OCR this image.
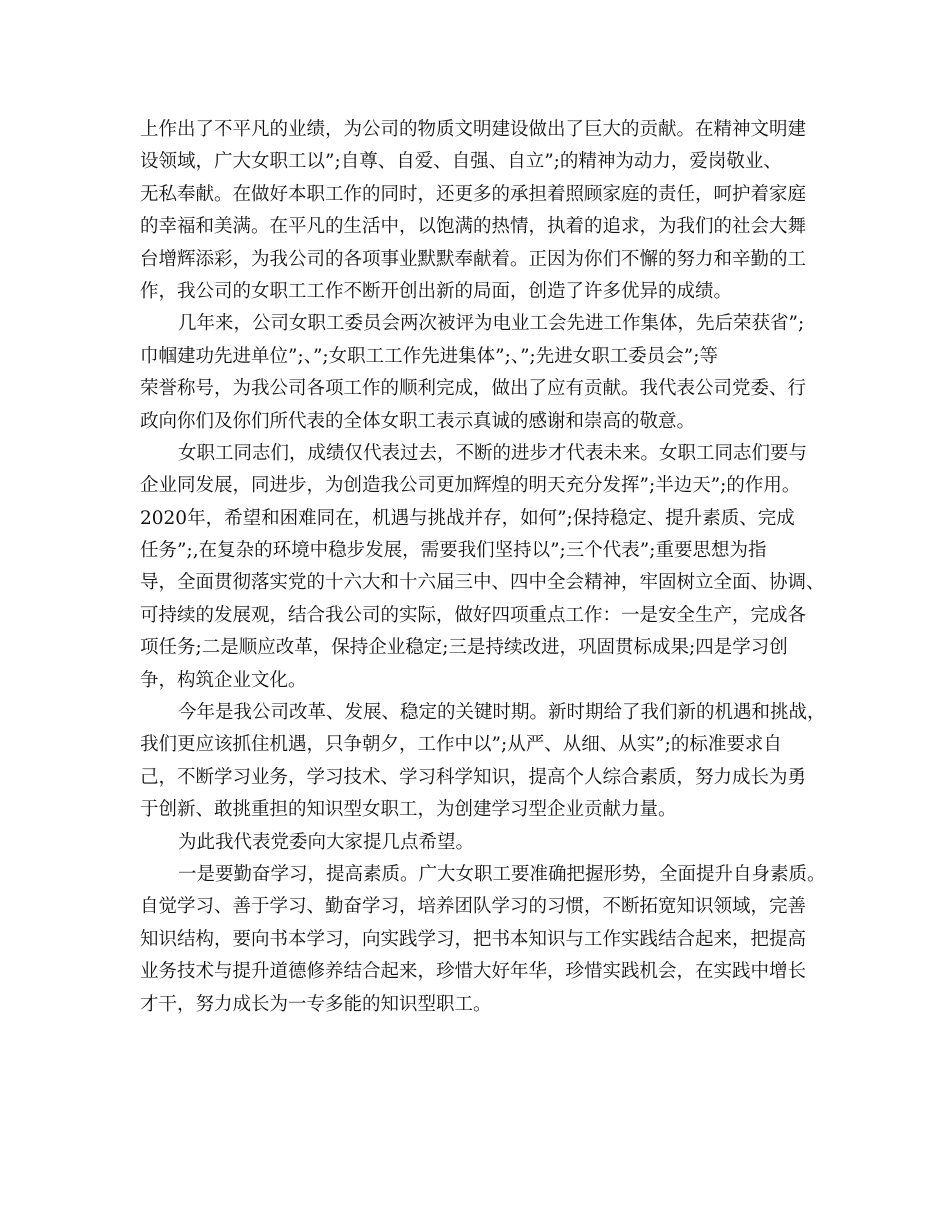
上作出了不平凡的业绩，为公司的物质文明建设做出了巨大的贡献。在精神文明建
设领域，广大女职工以”;自尊、自爱、自强、自立”;的精神为动力，爱岗敬业、
无私奉献。在做好本职工作的同时，还更多的承担着照顾家庭的责任，呵护着家庭
的幸福和美满。在平凡的生活中，以饱满的热情，执着的追求，为我们的社会大舞
台增辉添彩，为我公司的各项事业默默奉献着。正因为你们不懈的努力和辛勤的工
作，我公司的女职工工作不断开创出新的局面，创造了许多优异的成绩。
几年来，公司女职工委员会两次被评为电业工会先进工作集体，先后荣获省”;
巾帼建功先进单位”;、”;女职工工作先进集体”;、”;先进女职工委员会”;等
荣誉称号，为我公司各项工作的顺利完成，做出了应有贡献。我代表公司党委、行
政向你们及你们所代表的全体女职工表示真诚的感谢和崇高的敬意。
女职工同志们，成绩仅代表过去，不断的进步才代表未来。女职工同志们要与
企业同发展，同进步，为创造我公司更加辉煌的明天充分发挥”;半边天”;的作用。
2020年，希望和困难同在，机遇与挑战并存，如何”;保持稳定、提升素质、完成
任务”;,在复杂的环境中稳步发展，需要我们坚持以”;三个代表”;重要思想为指
导，全面贯彻落实党的十六大和十六届三中、四中全会精神，牢固树立全面、协调、
可持续的发展观，结合我公司的实际，做好四项重点工作：一是安全生产，完成各
项任务;二是顺应改革，保持企业稳定;三是持续改进，巩固贯标成果;四是学习创
争，构筑企业文化。
今年是我公司改革、发展、稳定的关键时期。新时期给了我们新的机遇和挑战，
我们更应该抓住机遇，只争朝夕，工作中以”;从严、从细、从实”;的标准要求自
己，不断学习业务，学习技术、学习科学知识，提高个人综合素质，努力成长为勇
于创新、敢挑重担的知识型女职工，为创建学习型企业贡献力量。
为此我代表党委向大家提几点希望。
一是要勤奋学习，提高素质。广大女职工要准确把握形势，全面提升自身素质。
自觉学习、善于学习、勤奋学习，培养团队学习的习惯，不断拓宽知识领域，完善
知识结构，要向书本学习，向实践学习，把书本知识与工作实践结合起来，把提高
业务技术与提升道德修养结合起来，珍惜大好年华，珍惜实践机会，在实践中增长
才干，努力成长为一专多能的知识型职工。
